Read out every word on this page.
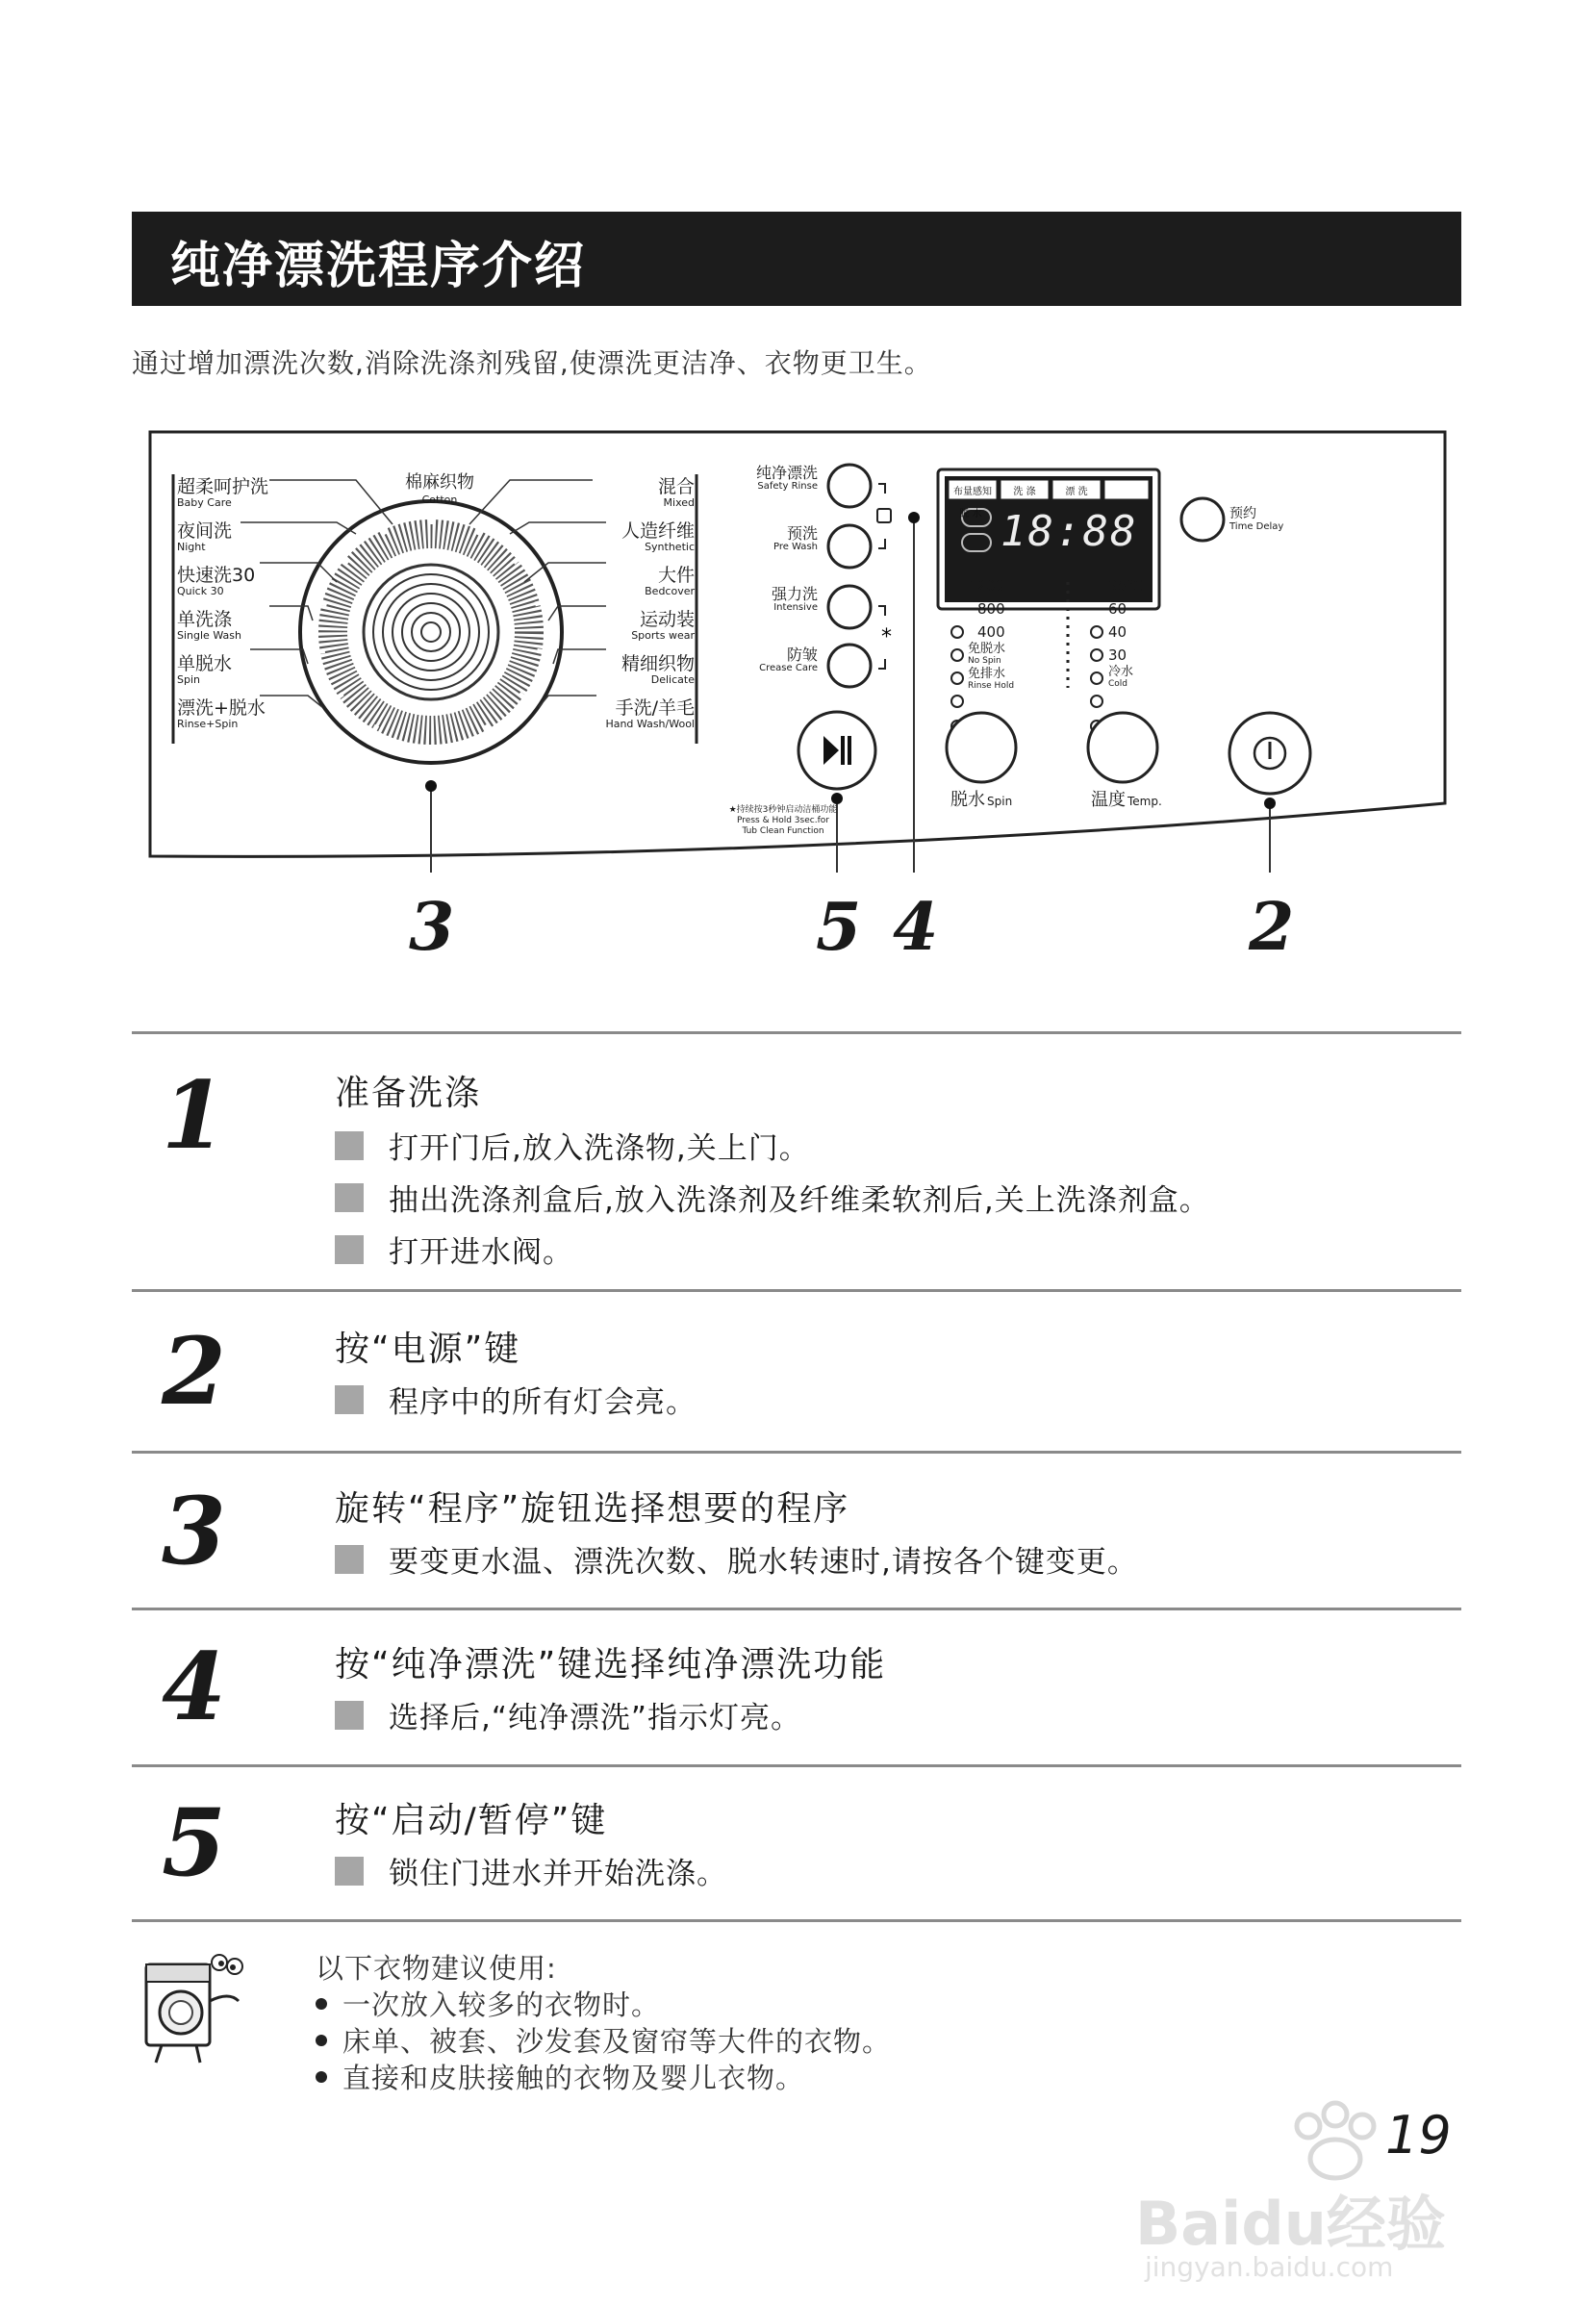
纯净漂洗程序介绍
通过增加漂洗次数,消除洗涤剂残留,使漂洗更洁净、衣物更卫生。
*
棉麻织物
Cotton
超柔呵护洗
Baby Care
夜间洗
Night
快速洗30
Quick 30
单洗涤
Single Wash
单脱水
Spin
漂洗+脱水
Rinse+Spin
混合
Mixed
人造纤维
Synthetic
大件
Bedcover
运动装
Sports wear
精细织物
Delicate
手洗/羊毛
Hand Wash/Wool
纯净漂洗
Safety Rinse
预洗
Pre Wash
强力洗
Intensive
防皱
Crease Care
★持续按3秒钟启动洁桶功能
Press & Hold 3sec.for
Tub Clean Function
布量感知 洗 涤	漂 洗脱 水 18:88	预约
Time Delay
1200
800
400
免脱水
No Spin
免排水
Rinse Hold
95℃
60
40
30
冷水
Cold
脱水 Spin	温度 Temp.
3	5 4	2
1	准备洗涤
打开门后,放入洗涤物,关上门。
抽出洗涤剂盒后,放入洗涤剂及纤维柔软剂后,关上洗涤剂盒。
打开进水阀。
2	按“电源”键
程序中的所有灯会亮。
3	旋转“程序”旋钮选择想要的程序
要变更水温、漂洗次数、脱水转速时,请按各个键变更。
4	按“纯净漂洗”键选择纯净漂洗功能
选择后,“纯净漂洗”指示灯亮。
5	按“启动/暂停”键
锁住门进水并开始洗涤。
以下衣物建议使用:
一次放入较多的衣物时。
床单、被套、沙发套及窗帘等大件的衣物。
直接和皮肤接触的衣物及婴儿衣物。
Baidu经验
jingyan.baidu.com
19
